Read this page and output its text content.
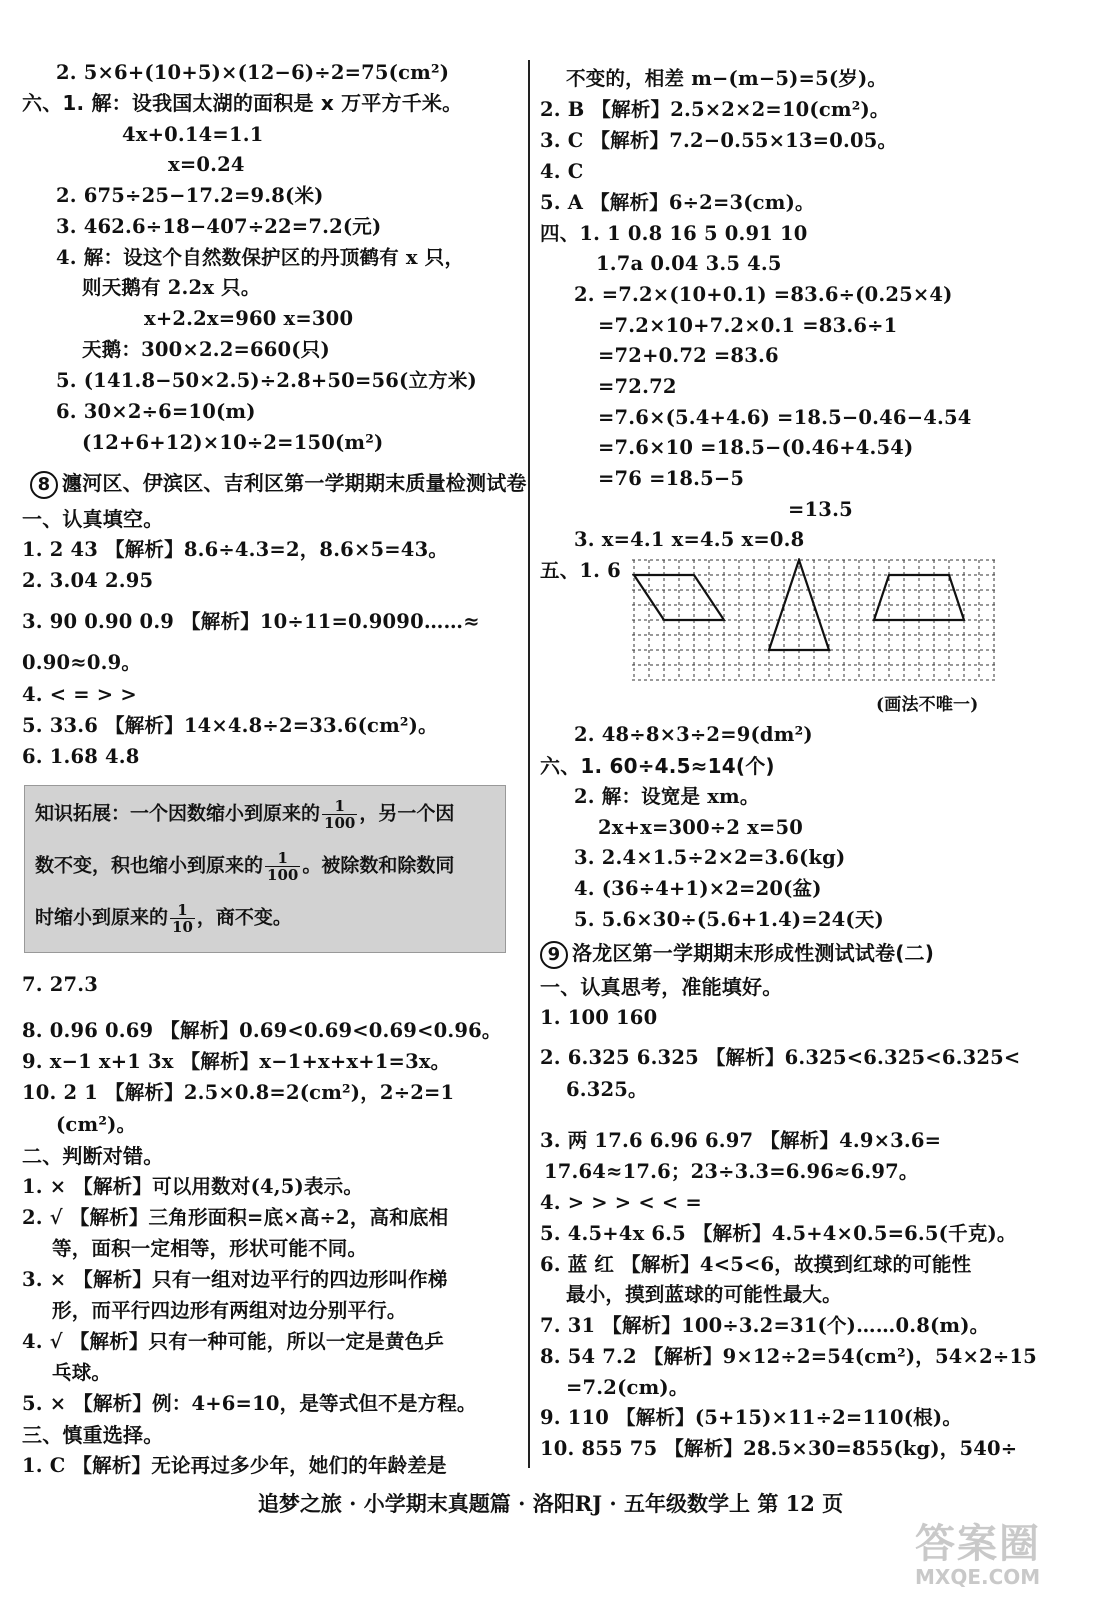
2. 5×6+(10+5)×(12−6)÷2=75(cm²)
六、1. 解：设我国太湖的面积是 x 万平方千米。
4x+0.14=1.1
x=0.24
2. 675÷25−17.2=9.8(米)
3. 462.6÷18−407÷22=7.2(元)
4. 解：设这个自然数保护区的丹顶鹤有 x 只，
则天鹅有 2.2x 只。
x+2.2x=960 x=300
天鹅：300×2.2=660(只)
5. (141.8−50×2.5)÷2.8+50=56(立方米)
6. 30×2÷6=10(m)
(12+6+12)×10÷2=150(m²)
8 瀍河区、伊滨区、吉利区第一学期期末质量检测试卷
一、认真填空。
1. 2 43 【解析】8.6÷4.3=2，8.6×5=43。
2. 3.04 2.95
3. 90 0.90 0.9 【解析】10÷11=0.9090……≈
0.90≈0.9。
4. < = > >
5. 33.6 【解析】14×4.8÷2=33.6(cm²)。
6. 1.68 4.8
知识拓展：一个因数缩小到原来的 $\frac{1}{100}$ ，另一个因
数不变，积也缩小到原来的 $\frac{1}{100}$ 。被除数和除数同
时缩小到原来的 $\frac{1}{10}$ ，商不变。
7. 27.3
8. 0.96 0.69 【解析】0.69<0.69<0.69<0.96。
9. x−1 x+1 3x 【解析】x−1+x+x+1=3x。
10. 2 1 【解析】2.5×0.8=2(cm²)，2÷2=1
(cm²)。
二、判断对错。
1. × 【解析】可以用数对(4,5)表示。
2. √ 【解析】三角形面积=底×高÷2，高和底相
等，面积一定相等，形状可能不同。
3. × 【解析】只有一组对边平行的四边形叫作梯
形，而平行四边形有两组对边分别平行。
4. √ 【解析】只有一种可能，所以一定是黄色乒
乓球。
5. × 【解析】例：4+6=10，是等式但不是方程。
三、慎重选择。
1. C 【解析】无论再过多少年，她们的年龄差是
不变的，相差 m−(m−5)=5(岁)。
2. B 【解析】2.5×2×2=10(cm²)。
3. C 【解析】7.2−0.55×13=0.05。
4. C
5. A 【解析】6÷2=3(cm)。
四、1. 1 0.8 16 5 0.91 10
1.7a 0.04 3.5 4.5
2. =7.2×(10+0.1) =83.6÷(0.25×4)
=7.2×10+7.2×0.1 =83.6÷1
=72+0.72 =83.6
=72.72
=7.6×(5.4+4.6) =18.5−0.46−4.54
=7.6×10 =18.5−(0.46+4.54)
=76 =18.5−5
=13.5
3. x=4.1 x=4.5 x=0.8
五、1. 6
(画法不唯一)
2. 48÷8×3÷2=9(dm²)
六、1. 60÷4.5≈14(个)
2. 解：设宽是 xm。
2x+x=300÷2 x=50
3. 2.4×1.5÷2×2=3.6(kg)
4. (36÷4+1)×2=20(盆)
5. 5.6×30÷(5.6+1.4)=24(天)
9 洛龙区第一学期期末形成性测试试卷(二)
一、认真思考，准能填好。
1. 100 160
2. 6.325 6.325 【解析】6.325<6.325<6.325<
6.325。
3. 两 17.6 6.96 6.97 【解析】4.9×3.6=
17.64≈17.6；23÷3.3=6.96≈6.97。
4. > > > < < =
5. 4.5+4x 6.5 【解析】4.5+4×0.5=6.5(千克)。
6. 蓝 红 【解析】4<5<6，故摸到红球的可能性
最小，摸到蓝球的可能性最大。
7. 31 【解析】100÷3.2=31(个)……0.8(m)。
8. 54 7.2 【解析】9×12÷2=54(cm²)，54×2÷15
=7.2(cm)。
9. 110 【解析】(5+15)×11÷2=110(根)。
10. 855 75 【解析】28.5×30=855(kg)，540÷
追梦之旅 · 小学期末真题篇 · 洛阳RJ · 五年级数学上 第 12 页
答案圈
MXQE.COM
